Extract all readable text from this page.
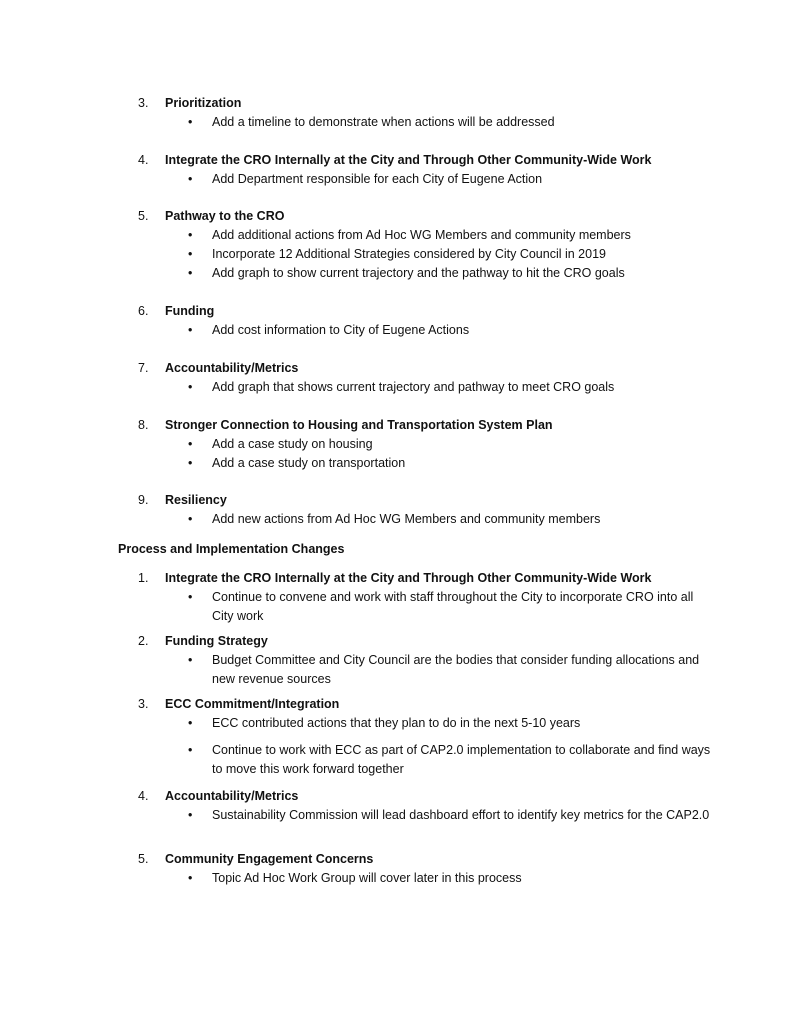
3.	Prioritization
•	Add a timeline to demonstrate when actions will be addressed
4.	Integrate the CRO Internally at the City and Through Other Community-Wide Work
•	Add Department responsible for each City of Eugene Action
5.	Pathway to the CRO
•	Add additional actions from Ad Hoc WG Members and community members
•	Incorporate 12 Additional Strategies considered by City Council in 2019
•	Add graph to show current trajectory and the pathway to hit the CRO goals
6.	Funding
•	Add cost information to City of Eugene Actions
7.	Accountability/Metrics
•	Add graph that shows current trajectory and pathway to meet CRO goals
8.	Stronger Connection to Housing and Transportation System Plan
•	Add a case study on housing
•	Add a case study on transportation
9.	Resiliency
•	Add new actions from Ad Hoc WG Members and community members
Process and Implementation Changes
1.	Integrate the CRO Internally at the City and Through Other Community-Wide Work
•	Continue to convene and work with staff throughout the City to incorporate CRO into all City work
2.	Funding Strategy
•	Budget Committee and City Council are the bodies that consider funding allocations and new revenue sources
3.	ECC Commitment/Integration
•	ECC contributed actions that they plan to do in the next 5-10 years
•	Continue to work with ECC as part of CAP2.0 implementation to collaborate and find ways to move this work forward together
4.	Accountability/Metrics
•	Sustainability Commission will lead dashboard effort to identify key metrics for the CAP2.0
5.	Community Engagement Concerns
•	Topic Ad Hoc Work Group will cover later in this process
